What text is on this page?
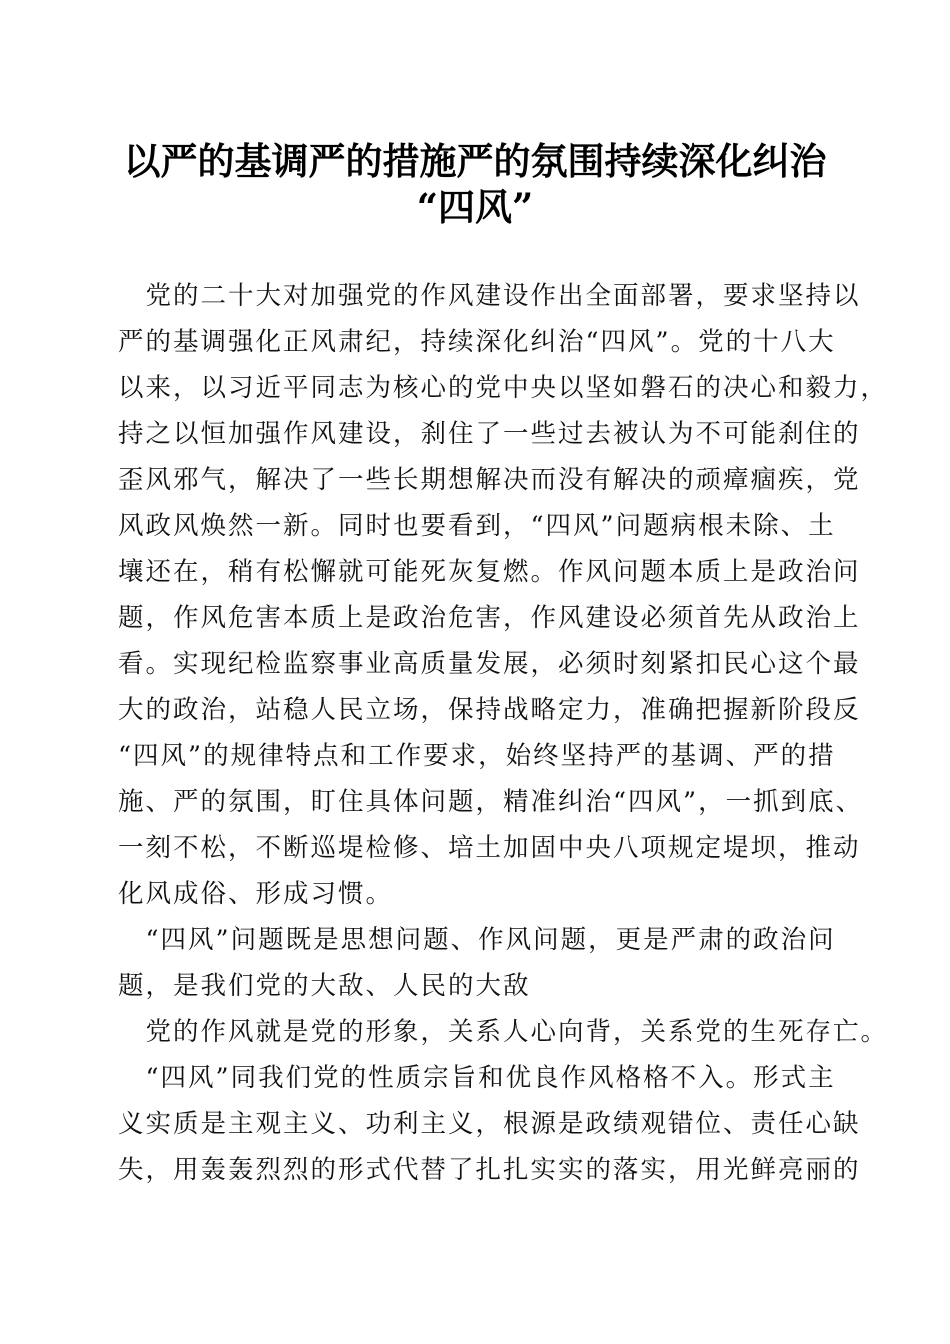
以严的基调严的措施严的氛围持续深化纠治
“四风”

　党的二十大对加强党的作风建设作出全面部署，要求坚持以

严的基调强化正风肃纪，持续深化纠治“四风”。党的十八大

以来，以习近平同志为核心的党中央以坚如磐石的决心和毅力，

持之以恒加强作风建设，刹住了一些过去被认为不可能刹住的

歪风邪气，解决了一些长期想解决而没有解决的顽瘴痼疾，党

风政风焕然一新。同时也要看到，“四风”问题病根未除、土

壤还在，稍有松懈就可能死灰复燃。作风问题本质上是政治问

题，作风危害本质上是政治危害，作风建设必须首先从政治上

看。实现纪检监察事业高质量发展，必须时刻紧扣民心这个最

大的政治，站稳人民立场，保持战略定力，准确把握新阶段反

“四风”的规律特点和工作要求，始终坚持严的基调、严的措

施、严的氛围，盯住具体问题，精准纠治“四风”，一抓到底、

一刻不松，不断巡堤检修、培土加固中央八项规定堤坝，推动

化风成俗、形成习惯。

　“四风”问题既是思想问题、作风问题，更是严肃的政治问

题，是我们党的大敌、人民的大敌

　党的作风就是党的形象，关系人心向背，关系党的生死存亡。

　“四风”同我们党的性质宗旨和优良作风格格不入。形式主

义实质是主观主义、功利主义，根源是政绩观错位、责任心缺

失，用轰轰烈烈的形式代替了扎扎实实的落实，用光鲜亮丽的
